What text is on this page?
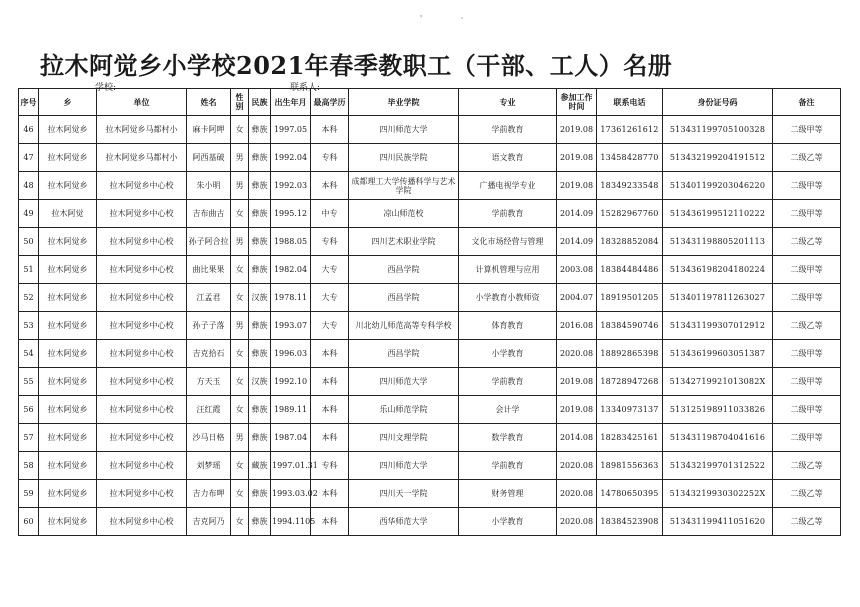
' ·
拉木阿觉乡小学校2021年春季教职工（干部、工人）名册
学校:	联系人:
序号	乡	单位	姓名	性别	民族	出生年月	最高学历	毕业学院	专业	参加工作时间	联系电话	身份证号码	备注
46	拉木阿觉乡	拉木阿觉乡马都村小	麻卡阿呷	女	彝族	1997.05	本科	四川师范大学	学前教育	2019.08	17361261612	513431199705100328	二级甲等
47	拉木阿觉乡	拉木阿觉乡马都村小	阿西基破	男	彝族	1992.04	专科	四川民族学院	语文教育	2019.08	13458428770	513432199204191512	二级乙等
48	拉木阿觉乡	拉木阿觉乡中心校	朱小明	男	彝族	1992.03	本科	成都理工大学传播科学与艺术学院	广播电视学专业	2019.08	18349233548	513401199203046220	二级甲等
49	拉木阿觉	拉木阿觉乡中心校	吉布曲古	女	彝族	1995.12	中专	凉山师范校	学前教育	2014.09	15282967760	513436199512110222	二级甲等
50	拉木阿觉乡	拉木阿觉乡中心校	孙子阿合拉	男	彝族	1988.05	专科	四川艺术职业学院	文化市场经营与管理	2014.09	18328852084	513431198805201113	二级乙等
51	拉木阿觉乡	拉木阿觉乡中心校	曲比果果	女	彝族	1982.04	大专	西昌学院	计算机管理与应用	2003.08	18384484486	513436198204180224	二级甲等
52	拉木阿觉乡	拉木阿觉乡中心校	江孟君	女	汉族	1978.11	大专	西昌学院	小学教育小教师资	2004.07	18919501205	513401197811263027	二级甲等
53	拉木阿觉乡	拉木阿觉乡中心校	孙子子落	男	彝族	1993.07	大专	川北幼儿师范高等专科学校	体育教育	2016.08	18384590746	513431199307012912	二级乙等
54	拉木阿觉乡	拉木阿觉乡中心校	吉克拾石	女	彝族	1996.03	本科	西昌学院	小学教育	2020.08	18892865398	513436199603051387	二级甲等
55	拉木阿觉乡	拉木阿觉乡中心校	方天玉	女	汉族	1992.10	本科	四川师范大学	学前教育	2019.08	18728947268	51342719921013082X	二级甲等
56	拉木阿觉乡	拉木阿觉乡中心校	汪红霞	女	彝族	1989.11	本科	乐山师范学院	会计学	2019.08	13340973137	513125198911033826	二级甲等
57	拉木阿觉乡	拉木阿觉乡中心校	沙马日格	男	彝族	1987.04	本科	四川文理学院	数学教育	2014.08	18283425161	513431198704041616	二级甲等
58	拉木阿觉乡	拉木阿觉乡中心校	刘梦瑶	女	藏族	1997.01.31	专科	四川师范大学	学前教育	2020.08	18981556363	513432199701312522	二级乙等
59	拉木阿觉乡	拉木阿觉乡中心校	吉力布呷	女	彝族	1993.03.02	本科	四川天一学院	财务管理	2020.08	14780650395	51343219930302252X	二级乙等
60	拉木阿觉乡	拉木阿觉乡中心校	吉克阿乃	女	彝族	1994.1105	本科	西华师范大学	小学教育	2020.08	18384523908	513431199411051620	二级乙等
